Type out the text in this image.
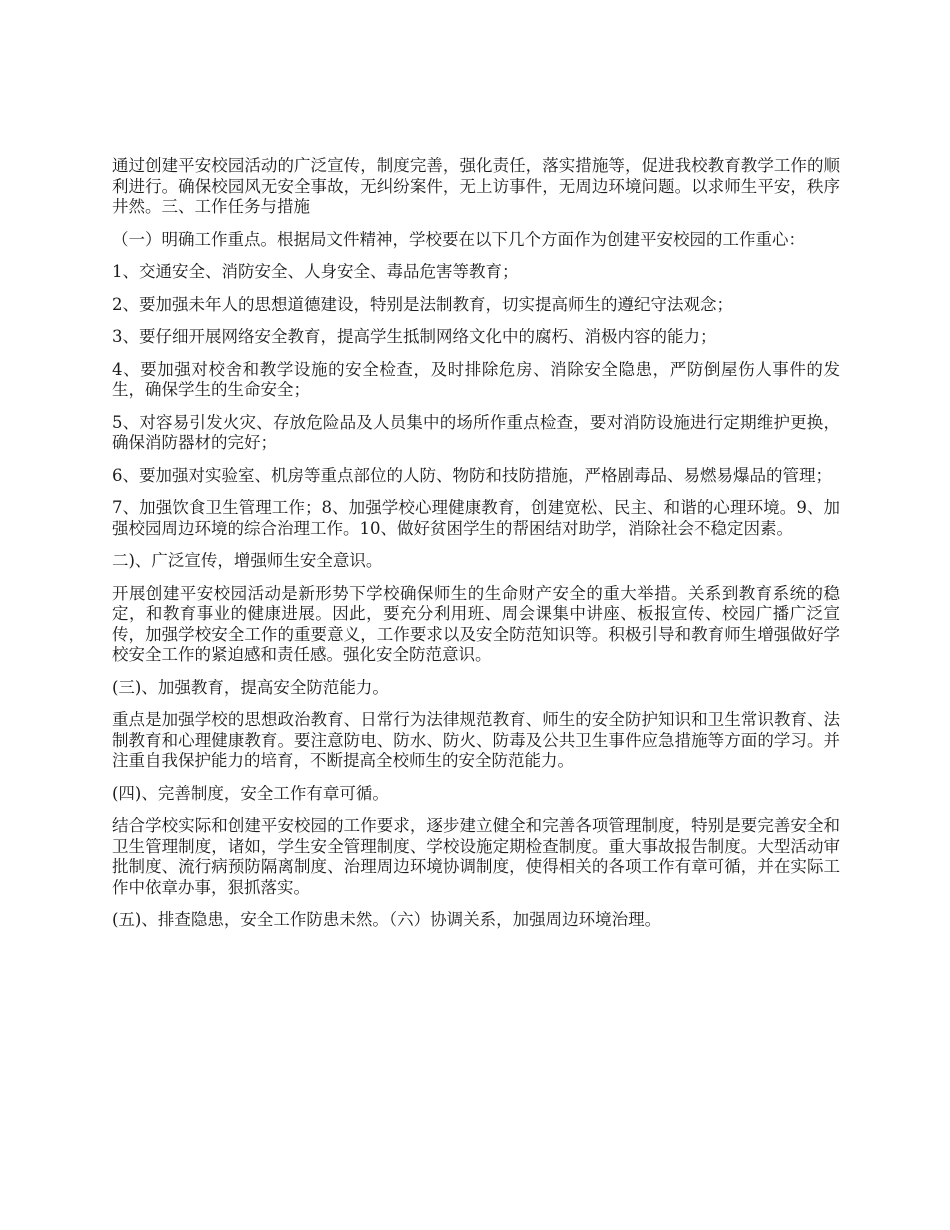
通过创建平安校园活动的广泛宣传，制度完善，强化责任，落实措施等，促进我校教育教学工作的顺利进行。确保校园风无安全事故，无纠纷案件，无上访事件，无周边环境问题。以求师生平安，秩序井然。三、工作任务与措施

（一）明确工作重点。根据局文件精神，学校要在以下几个方面作为创建平安校园的工作重心：

1、交通安全、消防安全、人身安全、毒品危害等教育；

2、要加强未年人的思想道德建设，特别是法制教育，切实提高师生的遵纪守法观念；

3、要仔细开展网络安全教育，提高学生抵制网络文化中的腐朽、消极内容的能力；

4、要加强对校舍和教学设施的安全检查，及时排除危房、消除安全隐患，严防倒屋伤人事件的发生，确保学生的生命安全；

5、对容易引发火灾、存放危险品及人员集中的场所作重点检查，要对消防设施进行定期维护更换，确保消防器材的完好；

6、要加强对实验室、机房等重点部位的人防、物防和技防措施，严格剧毒品、易燃易爆品的管理；

7、加强饮食卫生管理工作；8、加强学校心理健康教育，创建宽松、民主、和谐的心理环境。9、加强校园周边环境的综合治理工作。10、做好贫困学生的帮困结对助学，消除社会不稳定因素。

二)、广泛宣传，增强师生安全意识。

开展创建平安校园活动是新形势下学校确保师生的生命财产安全的重大举措。关系到教育系统的稳定，和教育事业的健康进展。因此，要充分利用班、周会课集中讲座、板报宣传、校园广播广泛宣传，加强学校安全工作的重要意义，工作要求以及安全防范知识等。积极引导和教育师生增强做好学校安全工作的紧迫感和责任感。强化安全防范意识。

(三)、加强教育，提高安全防范能力。

重点是加强学校的思想政治教育、日常行为法律规范教育、师生的安全防护知识和卫生常识教育、法制教育和心理健康教育。要注意防电、防水、防火、防毒及公共卫生事件应急措施等方面的学习。并注重自我保护能力的培育，不断提高全校师生的安全防范能力。

(四)、完善制度，安全工作有章可循。

结合学校实际和创建平安校园的工作要求，逐步建立健全和完善各项管理制度，特别是要完善安全和卫生管理制度，诸如，学生安全管理制度、学校设施定期检查制度。重大事故报告制度。大型活动审批制度、流行病预防隔离制度、治理周边环境协调制度，使得相关的各项工作有章可循，并在实际工作中依章办事，狠抓落实。

(五)、排查隐患，安全工作防患未然。（六）协调关系，加强周边环境治理。
